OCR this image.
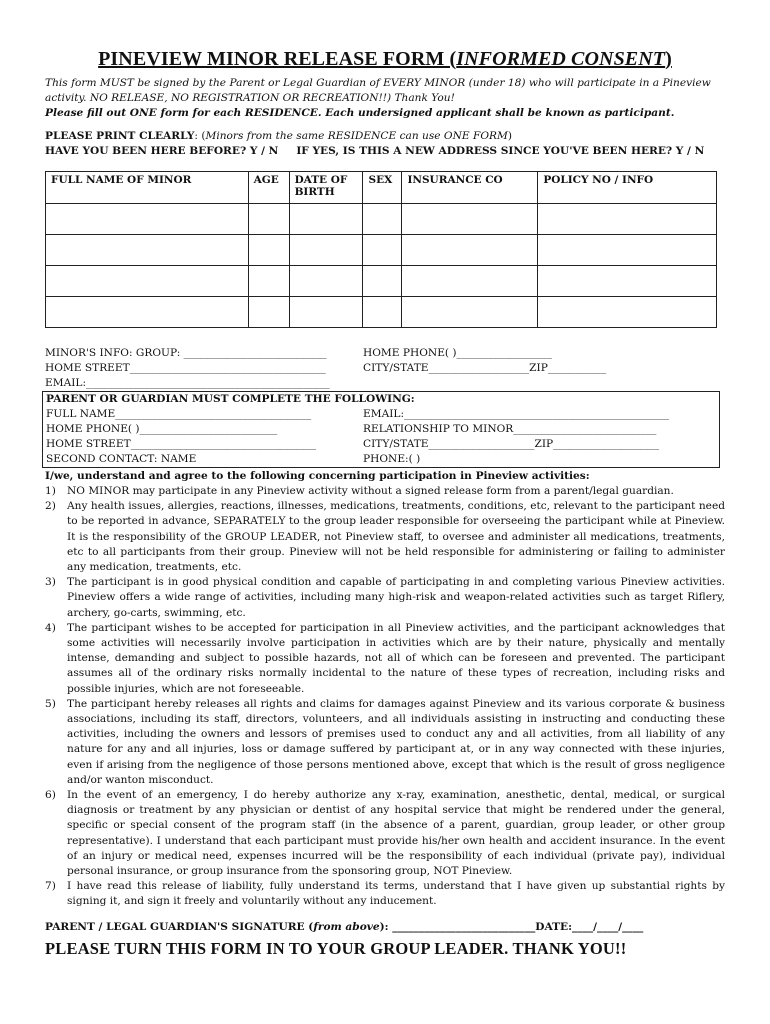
PINEVIEW MINOR RELEASE FORM (INFORMED CONSENT)

This form MUST be signed by the Parent or Legal Guardian of EVERY MINOR (under 18) who will participate in a Pineview activity. NO RELEASE, NO REGISTRATION OR RECREATION!!) Thank You!

Please fill out ONE form for each RESIDENCE. Each undersigned applicant shall be known as participant.

PLEASE PRINT CLEARLY: (Minors from the same RESIDENCE can use ONE FORM)

HAVE YOU BEEN HERE BEFORE? Y / N IF YES, IS THIS A NEW ADDRESS SINCE YOU'VE BEEN HERE? Y / N

FULL NAME OF MINOR	AGE	DATE OF BIRTH	SEX	INSURANCE CO	POLICY NO / INFO

MINOR'S INFO: GROUP: ___________________________	HOME PHONE( )__________________
HOME STREET_____________________________________	CITY/STATE___________________ZIP___________
EMAIL:______________________________________________
PARENT OR GUARDIAN MUST COMPLETE THE FOLLOWING:
FULL NAME_____________________________________	EMAIL:__________________________________________________
HOME PHONE( )__________________________	RELATIONSHIP TO MINOR___________________________
HOME STREET___________________________________	CITY/STATE____________________ZIP____________________
SECOND CONTACT: NAME	PHONE:( )
I/we, understand and agree to the following concerning participation in Pineview activities:
1) NO MINOR may participate in any Pineview activity without a signed release form from a parent/legal guardian.
2) Any health issues, allergies, reactions, illnesses, medications, treatments, conditions, etc, relevant to the participant need to be reported in advance, SEPARATELY to the group leader responsible for overseeing the participant while at Pineview. It is the responsibility of the GROUP LEADER, not Pineview staff, to oversee and administer all medications, treatments, etc to all participants from their group. Pineview will not be held responsible for administering or failing to administer any medication, treatments, etc.
3) The participant is in good physical condition and capable of participating in and completing various Pineview activities. Pineview offers a wide range of activities, including many high-risk and weapon-related activities such as target Riflery, archery, go-carts, swimming, etc.
4) The participant wishes to be accepted for participation in all Pineview activities, and the participant acknowledges that some activities will necessarily involve participation in activities which are by their nature, physically and mentally intense, demanding and subject to possible hazards, not all of which can be foreseen and prevented. The participant assumes all of the ordinary risks normally incidental to the nature of these types of recreation, including risks and possible injuries, which are not foreseeable.
5) The participant hereby releases all rights and claims for damages against Pineview and its various corporate & business associations, including its staff, directors, volunteers, and all individuals assisting in instructing and conducting these activities, including the owners and lessors of premises used to conduct any and all activities, from all liability of any nature for any and all injuries, loss or damage suffered by participant at, or in any way connected with these injuries, even if arising from the negligence of those persons mentioned above, except that which is the result of gross negligence and/or wanton misconduct.
6) In the event of an emergency, I do hereby authorize any x-ray, examination, anesthetic, dental, medical, or surgical diagnosis or treatment by any physician or dentist of any hospital service that might be rendered under the general, specific or special consent of the program staff (in the absence of a parent, guardian, group leader, or other group representative). I understand that each participant must provide his/her own health and accident insurance. In the event of an injury or medical need, expenses incurred will be the responsibility of each individual (private pay), individual personal insurance, or group insurance from the sponsoring group, NOT Pineview.
7) I have read this release of liability, fully understand its terms, understand that I have given up substantial rights by signing it, and sign it freely and voluntarily without any inducement.
PARENT / LEGAL GUARDIAN'S SIGNATURE (from above): ___________________________DATE:____/____/____
PLEASE TURN THIS FORM IN TO YOUR GROUP LEADER. THANK YOU!!
